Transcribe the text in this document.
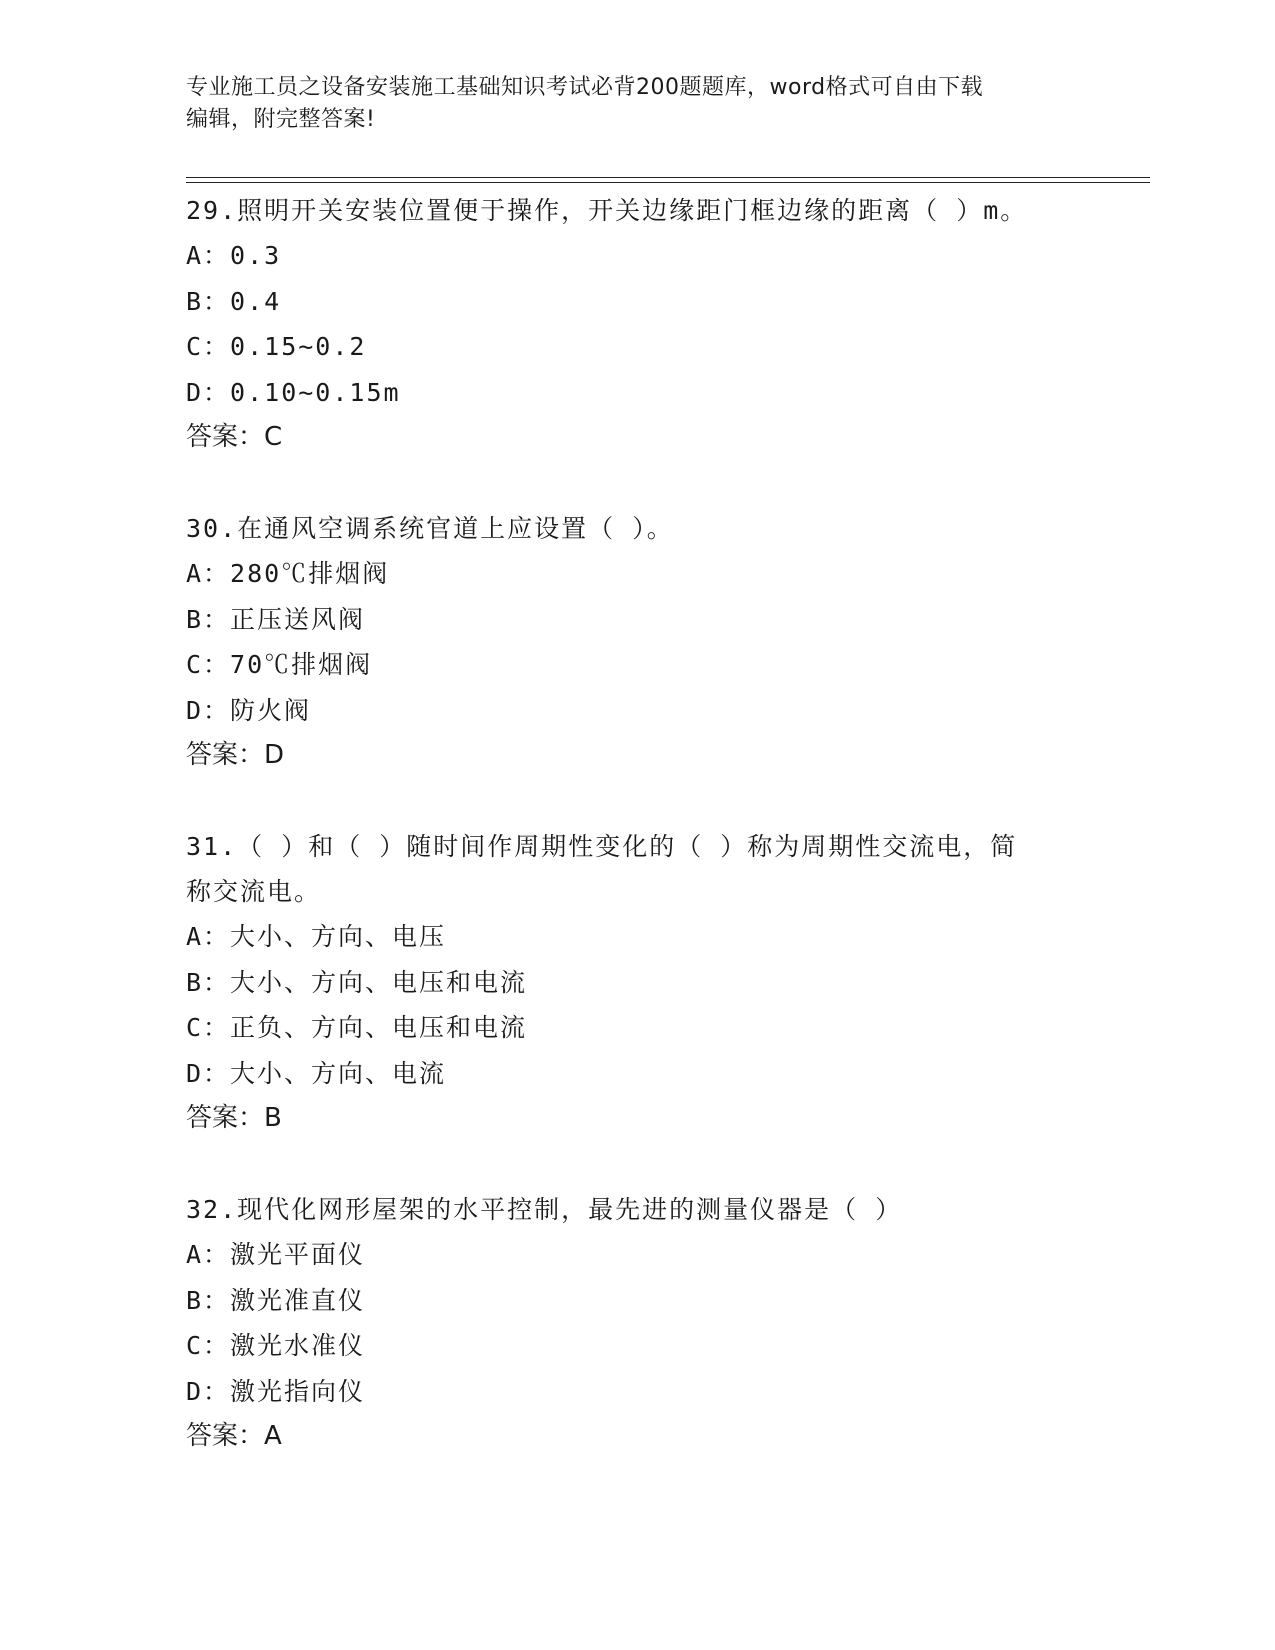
专业施工员之设备安装施工基础知识考试必背200题题库，word格式可自由下载
编辑，附完整答案!

29.照明开关安装位置便于操作，开关边缘距门框边缘的距离（ ）m。

A：0.3

B：0.4

C：0.15~0.2

D：0.10~0.15m

答案：C

30.在通风空调系统官道上应设置（ ）。

A：280℃排烟阀

B：正压送风阀

C：70℃排烟阀

D：防火阀

答案：D

31.（ ）和（ ）随时间作周期性变化的（ ）称为周期性交流电，简
称交流电。

A：大小、方向、电压

B：大小、方向、电压和电流

C：正负、方向、电压和电流

D：大小、方向、电流

答案：B

32.现代化网形屋架的水平控制，最先进的测量仪器是（ ）

A：激光平面仪

B：激光准直仪

C：激光水准仪

D：激光指向仪

答案：A
